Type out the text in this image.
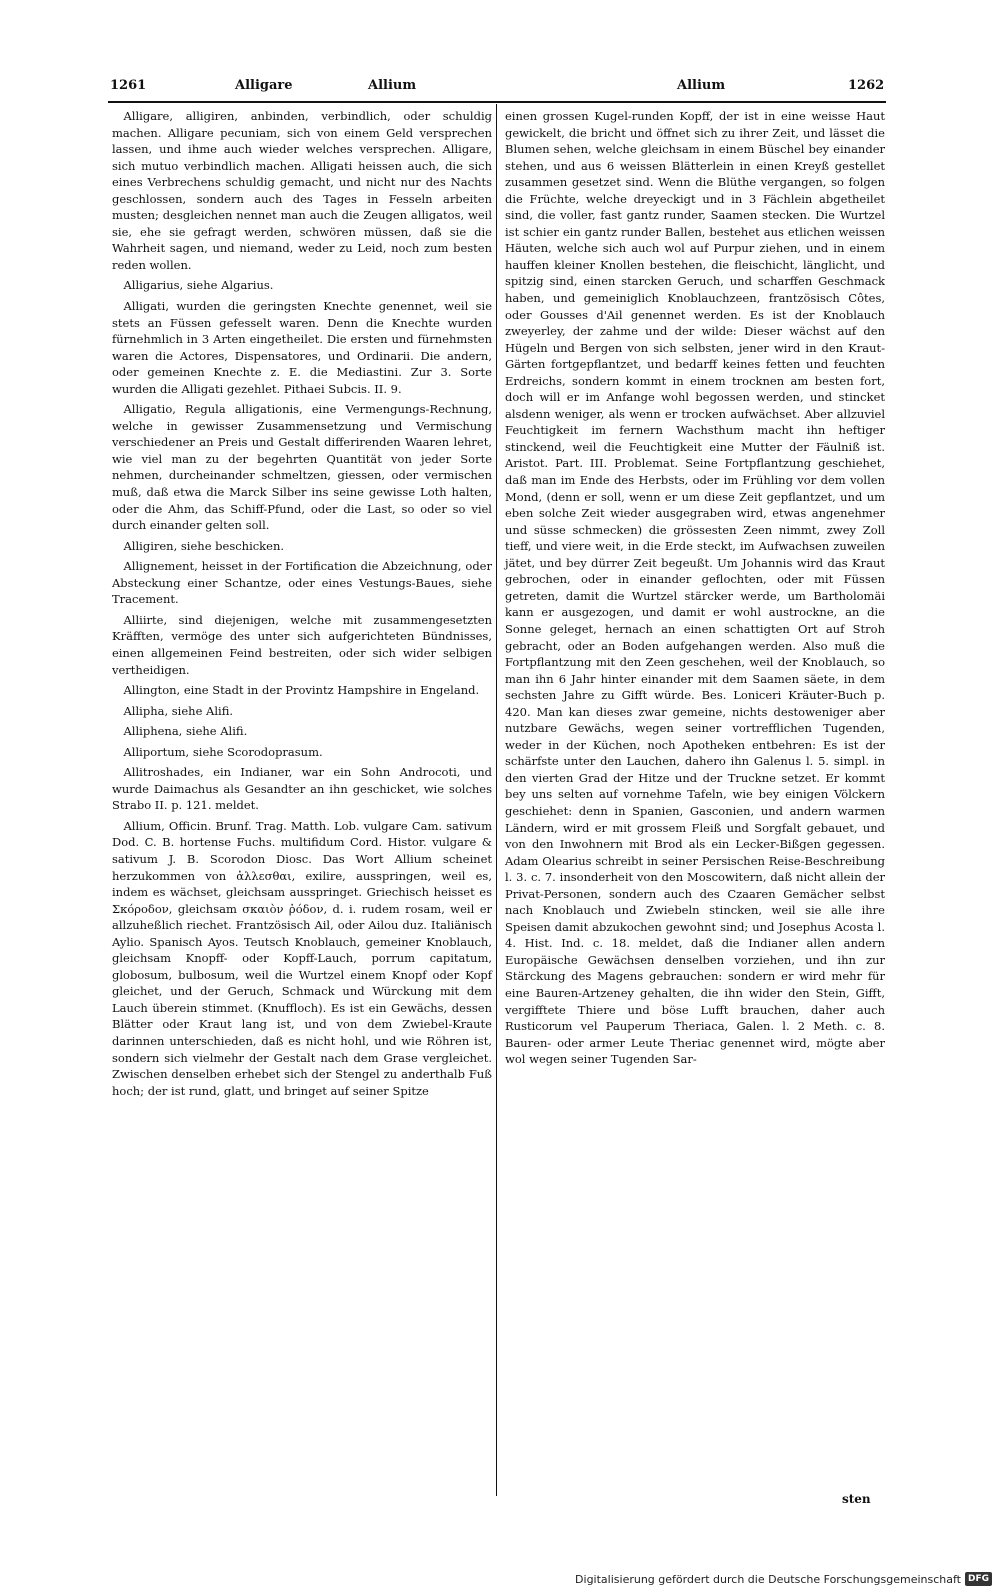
1261	Alligare	Allium	Allium	1262

Alligare, alligiren, anbinden, verbindlich, oder schuldig machen. Alligare pecuniam, sich von einem Geld versprechen lassen, und ihme auch wieder welches versprechen. Alligare, sich mutuo verbindlich machen. Alligati heissen auch, die sich eines Verbrechens schuldig gemacht, und nicht nur des Nachts geschlossen, sondern auch des Tages in Fesseln arbeiten musten; desgleichen nennet man auch die Zeugen alligatos, weil sie, ehe sie gefragt werden, schwören müssen, daß sie die Wahrheit sagen, und niemand, weder zu Leid, noch zum besten reden wollen.

Alligarius, siehe Algarius.

Alligati, wurden die geringsten Knechte genennet, weil sie stets an Füssen gefesselt waren. Denn die Knechte wurden fürnehmlich in 3 Arten eingetheilet. Die ersten und fürnehmsten waren die Actores, Dispensatores, und Ordinarii. Die andern, oder gemeinen Knechte z. E. die Mediastini. Zur 3. Sorte wurden die Alligati gezehlet. Pithaei Subcis. II. 9.

Alligatio, Regula alligationis, eine Vermengungs-Rechnung, welche in gewisser Zusammensetzung und Vermischung verschiedener an Preis und Gestalt differirenden Waaren lehret, wie viel man zu der begehrten Quantität von jeder Sorte nehmen, durcheinander schmeltzen, giessen, oder vermischen muß, daß etwa die Marck Silber ins seine gewisse Loth halten, oder die Ahm, das Schiff-Pfund, oder die Last, so oder so viel durch einander gelten soll.

Alligiren, siehe beschicken.

Allignement, heisset in der Fortification die Abzeichnung, oder Absteckung einer Schantze, oder eines Vestungs-Baues, siehe Tracement.

Alliirte, sind diejenigen, welche mit zusammengesetzten Kräfften, vermöge des unter sich aufgerichteten Bündnisses, einen allgemeinen Feind bestreiten, oder sich wider selbigen vertheidigen.

Allington, eine Stadt in der Provintz Hampshire in Engeland.

Allipha, siehe Alifi.

Alliphena, siehe Alifi.

Alliportum, siehe Scorodoprasum.

Allitroshades, ein Indianer, war ein Sohn Androcoti, und wurde Daimachus als Gesandter an ihn geschicket, wie solches Strabo II. p. 121. meldet.

Allium, Officin. Brunf. Trag. Matth. Lob. vulgare Cam. sativum Dod. C. B. hortense Fuchs. multifidum Cord. Histor. vulgare & sativum J. B. Scorodon Diosc. Das Wort Allium scheinet herzukommen von ἀλλεσθαι, exilire, ausspringen, weil es, indem es wächset, gleichsam ausspringet. Griechisch heisset es Σκόροδον, gleichsam σκαιὸν ῥόδον, d. i. rudem rosam, weil er allzuheßlich riechet. Frantzösisch Ail, oder Ailou duz. Italiänisch Aylio. Spanisch Ayos. Teutsch Knoblauch, gemeiner Knoblauch, gleichsam Knopff- oder Kopff-Lauch, porrum capitatum, globosum, bulbosum, weil die Wurtzel einem Knopf oder Kopf gleichet, und der Geruch, Schmack und Würckung mit dem Lauch überein stimmet. (Knuffloch). Es ist ein Gewächs, dessen Blätter oder Kraut lang ist, und von dem Zwiebel-Kraute darinnen unterschieden, daß es nicht hohl, und wie Röhren ist, sondern sich vielmehr der Gestalt nach dem Grase vergleichet. Zwischen denselben erhebet sich der Stengel zu anderthalb Fuß hoch; der ist rund, glatt, und bringet auf seiner Spitze

einen grossen Kugel-runden Kopff, der ist in eine weisse Haut gewickelt, die bricht und öffnet sich zu ihrer Zeit, und lässet die Blumen sehen, welche gleichsam in einem Büschel bey einander stehen, und aus 6 weissen Blätterlein in einen Kreyß gestellet zusammen gesetzet sind. Wenn die Blüthe vergangen, so folgen die Früchte, welche dreyeckigt und in 3 Fächlein abgetheilet sind, die voller, fast gantz runder, Saamen stecken. Die Wurtzel ist schier ein gantz runder Ballen, bestehet aus etlichen weissen Häuten, welche sich auch wol auf Purpur ziehen, und in einem hauffen kleiner Knollen bestehen, die fleischicht, länglicht, und spitzig sind, einen starcken Geruch, und scharffen Geschmack haben, und gemeiniglich Knoblauchzeen, frantzösisch Côtes, oder Gousses d'Ail genennet werden. Es ist der Knoblauch zweyerley, der zahme und der wilde: Dieser wächst auf den Hügeln und Bergen von sich selbsten, jener wird in den Kraut-Gärten fortgepflantzet, und bedarff keines fetten und feuchten Erdreichs, sondern kommt in einem trocknen am besten fort, doch will er im Anfange wohl begossen werden, und stincket alsdenn weniger, als wenn er trocken aufwächset. Aber allzuviel Feuchtigkeit im fernern Wachsthum macht ihn heftiger stinckend, weil die Feuchtigkeit eine Mutter der Fäulniß ist. Aristot. Part. III. Problemat. Seine Fortpflantzung geschiehet, daß man im Ende des Herbsts, oder im Frühling vor dem vollen Mond, (denn er soll, wenn er um diese Zeit gepflantzet, und um eben solche Zeit wieder ausgegraben wird, etwas angenehmer und süsse schmecken) die grössesten Zeen nimmt, zwey Zoll tieff, und viere weit, in die Erde steckt, im Aufwachsen zuweilen jätet, und bey dürrer Zeit begeußt. Um Johannis wird das Kraut gebrochen, oder in einander geflochten, oder mit Füssen getreten, damit die Wurtzel stärcker werde, um Bartholomäi kann er ausgezogen, und damit er wohl austrockne, an die Sonne geleget, hernach an einen schattigten Ort auf Stroh gebracht, oder an Boden aufgehangen werden. Also muß die Fortpflantzung mit den Zeen geschehen, weil der Knoblauch, so man ihn 6 Jahr hinter einander mit dem Saamen säete, in dem sechsten Jahre zu Gifft würde. Bes. Loniceri Kräuter-Buch p. 420. Man kan dieses zwar gemeine, nichts destoweniger aber nutzbare Gewächs, wegen seiner vortrefflichen Tugenden, weder in der Küchen, noch Apotheken entbehren: Es ist der schärfste unter den Lauchen, dahero ihn Galenus l. 5. simpl. in den vierten Grad der Hitze und der Truckne setzet. Er kommt bey uns selten auf vornehme Tafeln, wie bey einigen Völckern geschiehet: denn in Spanien, Gasconien, und andern warmen Ländern, wird er mit grossem Fleiß und Sorgfalt gebauet, und von den Inwohnern mit Brod als ein Lecker-Bißgen gegessen. Adam Olearius schreibt in seiner Persischen Reise-Beschreibung l. 3. c. 7. insonderheit von den Moscowitern, daß nicht allein der Privat-Personen, sondern auch des Czaaren Gemächer selbst nach Knoblauch und Zwiebeln stincken, weil sie alle ihre Speisen damit abzukochen gewohnt sind; und Josephus Acosta l. 4. Hist. Ind. c. 18. meldet, daß die Indianer allen andern Europäische Gewächsen denselben vorziehen, und ihn zur Stärckung des Magens gebrauchen: sondern er wird mehr für eine Bauren-Artzeney gehalten, die ihn wider den Stein, Gifft, vergifftete Thiere und böse Lufft brauchen, daher auch Rusticorum vel Pauperum Theriaca, Galen. l. 2 Meth. c. 8. Bauren- oder armer Leute Theriac genennet wird, mögte aber wol wegen seiner Tugenden Sar-

sten
Digitalisierung gefördert durch die Deutsche Forschungsgemeinschaft DFG
